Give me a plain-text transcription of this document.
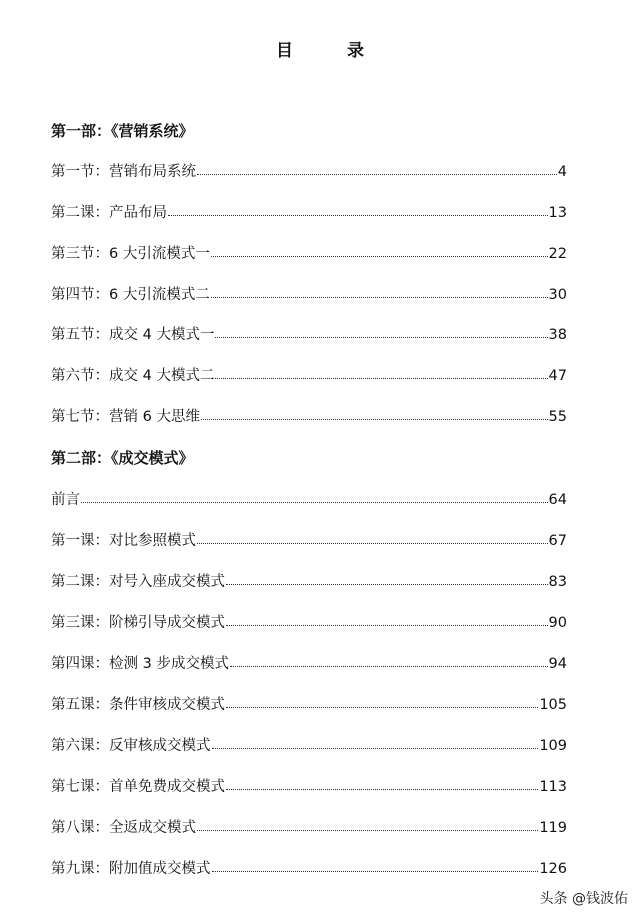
目	录
第一部：《营销系统》
第一节：营销布局系统	4
第二课：产品布局	13
第三节：6 大引流模式一	22
第四节：6 大引流模式二	30
第五节：成交 4 大模式一	38
第六节：成交 4 大模式二	47
第七节：营销 6 大思维	55
第二部：《成交模式》
前言	64
第一课：对比参照模式	67
第二课：对号入座成交模式	83
第三课：阶梯引导成交模式	90
第四课：检测 3 步成交模式	94
第五课：条件审核成交模式	105
第六课：反审核成交模式	109
第七课：首单免费成交模式	113
第八课：全返成交模式	119
第九课：附加值成交模式	126
头条 @钱波佑
